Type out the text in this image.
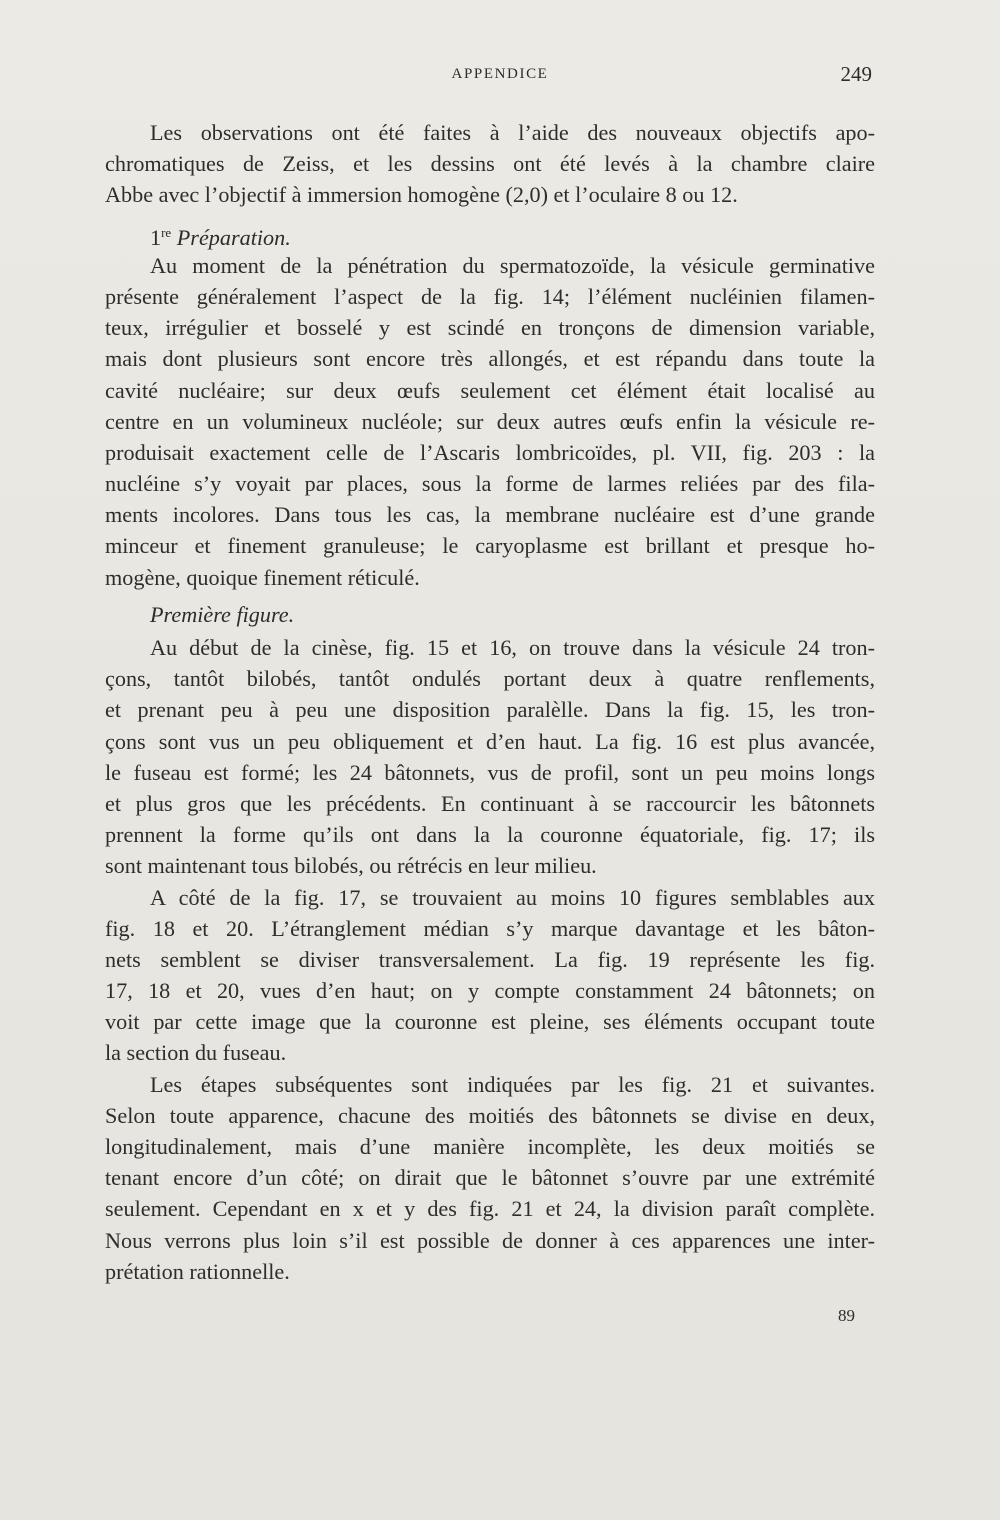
APPENDICE	249
Les observations ont été faites à l’aide des nouveaux objectifs apo-
chromatiques de Zeiss, et les dessins ont été levés à la chambre claire
Abbe avec l’objectif à immersion homogène (2,0) et l’oculaire 8 ou 12.
1re Préparation.
Au moment de la pénétration du spermatozoïde, la vésicule germinative
présente généralement l’aspect de la fig. 14; l’élément nucléinien filamen-
teux, irrégulier et bosselé y est scindé en tronçons de dimension variable,
mais dont plusieurs sont encore très allongés, et est répandu dans toute la
cavité nucléaire; sur deux œufs seulement cet élément était localisé au
centre en un volumineux nucléole; sur deux autres œufs enfin la vésicule re-
produisait exactement celle de l’Ascaris lombricoïdes, pl. VII, fig. 203 : la
nucléine s’y voyait par places, sous la forme de larmes reliées par des fila-
ments incolores. Dans tous les cas, la membrane nucléaire est d’une grande
minceur et finement granuleuse; le caryoplasme est brillant et presque ho-
mogène, quoique finement réticulé.
Première figure.
Au début de la cinèse, fig. 15 et 16, on trouve dans la vésicule 24 tron-
çons, tantôt bilobés, tantôt ondulés portant deux à quatre renflements,
et prenant peu à peu une disposition paralèlle. Dans la fig. 15, les tron-
çons sont vus un peu obliquement et d’en haut. La fig. 16 est plus avancée,
le fuseau est formé; les 24 bâtonnets, vus de profil, sont un peu moins longs
et plus gros que les précédents. En continuant à se raccourcir les bâtonnets
prennent la forme qu’ils ont dans la la couronne équatoriale, fig. 17; ils
sont maintenant tous bilobés, ou rétrécis en leur milieu.
A côté de la fig. 17, se trouvaient au moins 10 figures semblables aux
fig. 18 et 20. L’étranglement médian s’y marque davantage et les bâton-
nets semblent se diviser transversalement. La fig. 19 représente les fig.
17, 18 et 20, vues d’en haut; on y compte constamment 24 bâtonnets; on
voit par cette image que la couronne est pleine, ses éléments occupant toute
la section du fuseau.
Les étapes subséquentes sont indiquées par les fig. 21 et suivantes.
Selon toute apparence, chacune des moitiés des bâtonnets se divise en deux,
longitudinalement, mais d’une manière incomplète, les deux moitiés se
tenant encore d’un côté; on dirait que le bâtonnet s’ouvre par une extrémité
seulement. Cependant en x et y des fig. 21 et 24, la division paraît complète.
Nous verrons plus loin s’il est possible de donner à ces apparences une inter-
prétation rationnelle.
89
